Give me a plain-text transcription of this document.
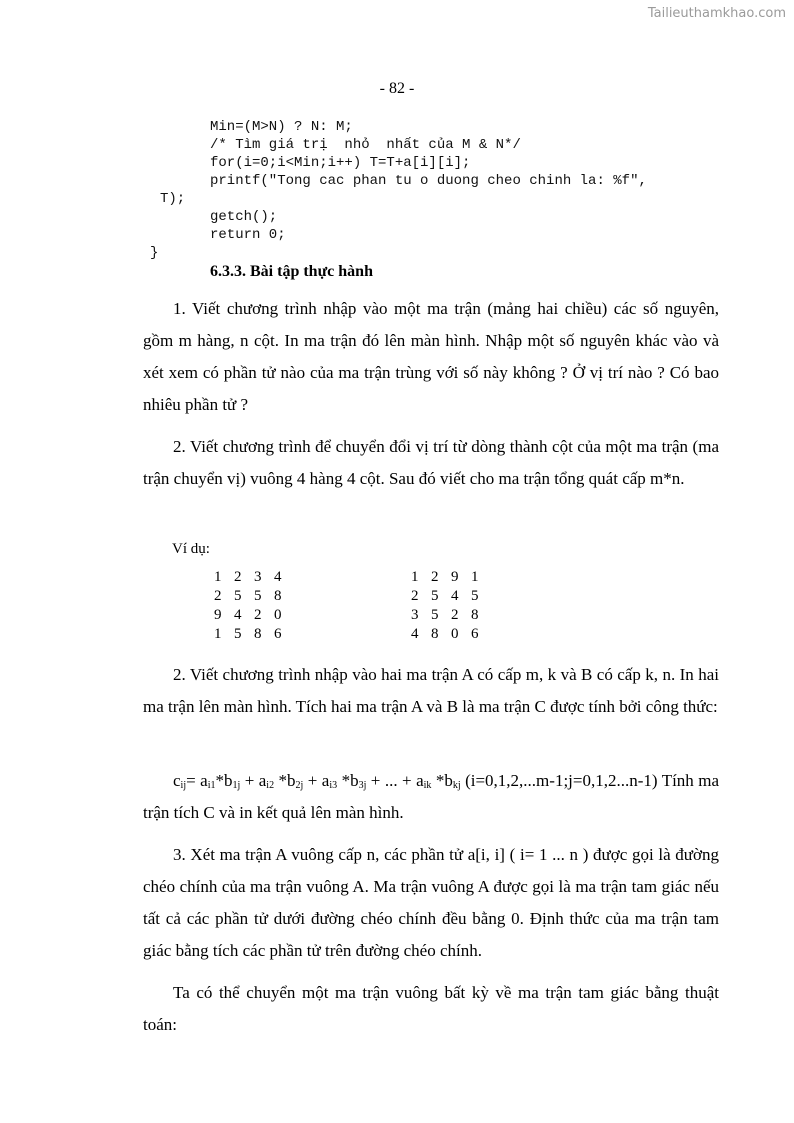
Tailieuthamkhao.com
- 82 -
Min=(M>N) ? N: M;
/* Tìm giá trị  nhỏ  nhất của M & N*/
for(i=0;i<Min;i++) T=T+a[i][i];
printf("Tong cac phan tu o duong cheo chinh la: %f",
T);
getch();
return 0;
}
6.3.3. Bài tập thực hành
1. Viết chương trình nhập vào một ma trận (mảng hai chiều) các số nguyên, gồm m hàng, n cột. In ma trận đó lên màn hình. Nhập một số nguyên khác vào và xét xem có phần tử nào của ma trận trùng với số này không ? Ở vị trí nào ? Có bao nhiêu phần tử ?
2. Viết chương trình để chuyển đổi vị trí từ dòng thành cột của một ma trận (ma trận chuyển vị) vuông 4 hàng 4 cột. Sau đó viết cho ma trận tổng quát cấp m*n.
Ví dụ:
1 2 3 4
2 5 5 8
9 4 2 0
1 5 8 6
1 2 9 1
2 5 4 5
3 5 2 8
4 8 0 6
2. Viết chương trình nhập vào hai ma trận A có cấp m, k và B có cấp k, n. In hai ma trận lên màn hình. Tích hai ma trận A và B là ma trận C được tính bởi công thức:
$c_{ij}= a_{i1}*b_{1j} + a_{i2}$ $*b_{2j} + a_{i3}$ $*b_{3j}$ + ... + $a_{ik}$ $*b_{kj}$ (i=0,1,2,...m-1;j=0,1,2...n-1) Tính ma trận tích C và in kết quả lên màn hình.
3. Xét ma trận A vuông cấp n, các phần tử a[i, i] ( i= 1 ... n ) được gọi là đường chéo chính của ma trận vuông A. Ma trận vuông A được gọi là ma trận tam giác nếu tất cả các phần tử dưới đường chéo chính đều bằng 0. Định thức của ma trận tam giác bằng tích các phần tử trên đường chéo chính.
Ta có thể chuyển một ma trận vuông bất kỳ về ma trận tam giác bằng thuật toán:
